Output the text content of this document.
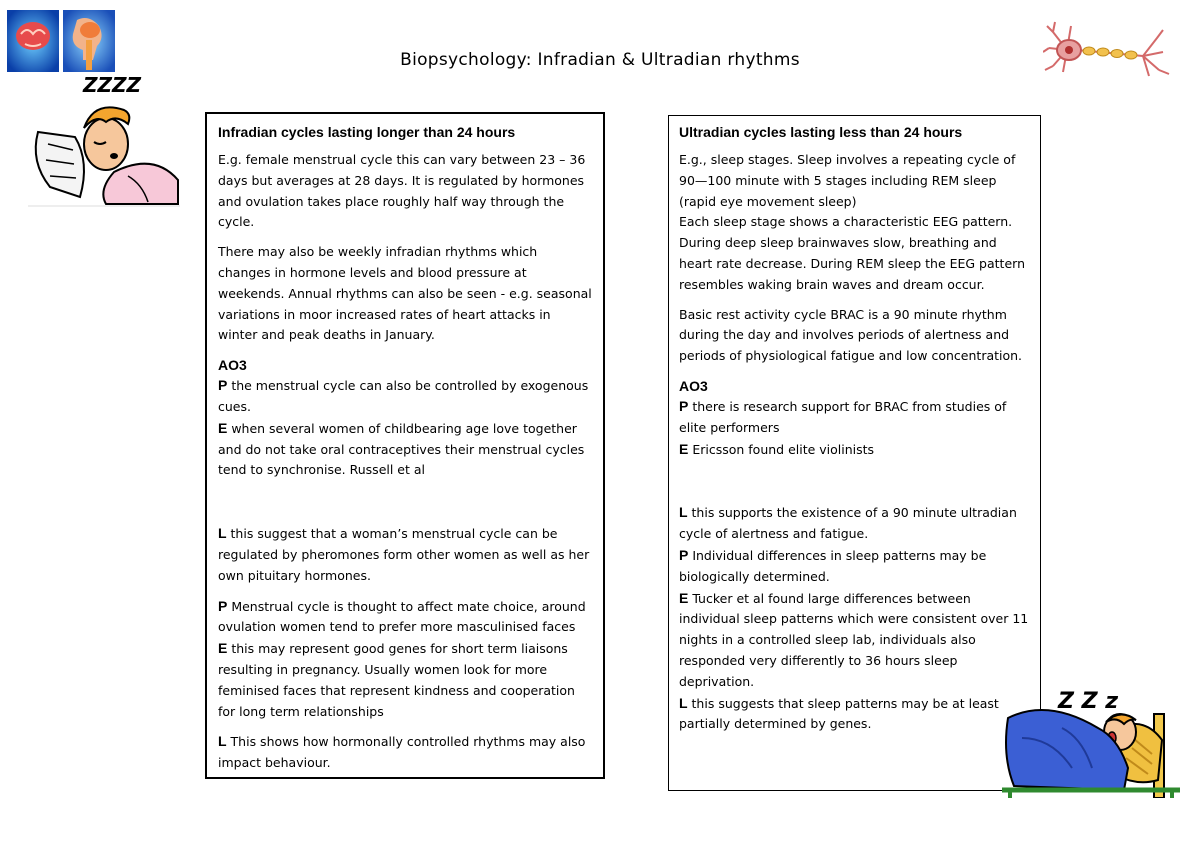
Biopsychology: Infradian & Ultradian rhythms
ZZZZ
Infradian cycles lasting longer than 24 hours
E.g. female menstrual cycle this can vary between 23 – 36 days but averages at 28 days. It is regulated by hormones and ovulation takes place roughly half way through the cycle.
There may also be weekly infradian rhythms which changes in hormone levels and blood pressure at weekends. Annual rhythms can also be seen - e.g. seasonal variations in moor increased rates of heart attacks in winter and peak deaths in January.
AO3
P the menstrual cycle can also be controlled by exogenous cues.
E when several women of childbearing age love together and do not take oral contraceptives their menstrual cycles tend to synchronise. Russell et al
L this suggest that a woman’s menstrual cycle can be regulated by pheromones form other women as well as her own pituitary hormones.
P Menstrual cycle is thought to affect mate choice, around ovulation women tend to prefer more masculinised faces
E this may represent good genes for short term liaisons resulting in pregnancy. Usually women look for more feminised faces that represent kindness and cooperation for long term relationships
L This shows how hormonally controlled rhythms may also impact behaviour.
Ultradian cycles lasting less than 24 hours
E.g., sleep stages. Sleep involves a repeating cycle of 90—100 minute with 5 stages including REM sleep (rapid eye movement sleep)
Each sleep stage shows a characteristic EEG pattern. During deep sleep brainwaves slow, breathing and heart rate decrease. During REM sleep the EEG pattern resembles waking brain waves and dream occur.
Basic rest activity cycle BRAC is a 90 minute rhythm during the day and involves periods of alertness and periods of physiological fatigue and low concentration.
AO3
P there is research support for BRAC from studies of elite performers
E Ericsson found elite violinists
L this supports the existence of a 90 minute ultradian cycle of alertness and fatigue.
P Individual differences in sleep patterns may be biologically determined.
E Tucker et al found large differences between individual sleep patterns which were consistent over 11 nights in a controlled sleep lab, individuals also responded very differently to 36 hours sleep deprivation.
L this suggests that sleep patterns may be at least partially determined by genes.
Z Z z
